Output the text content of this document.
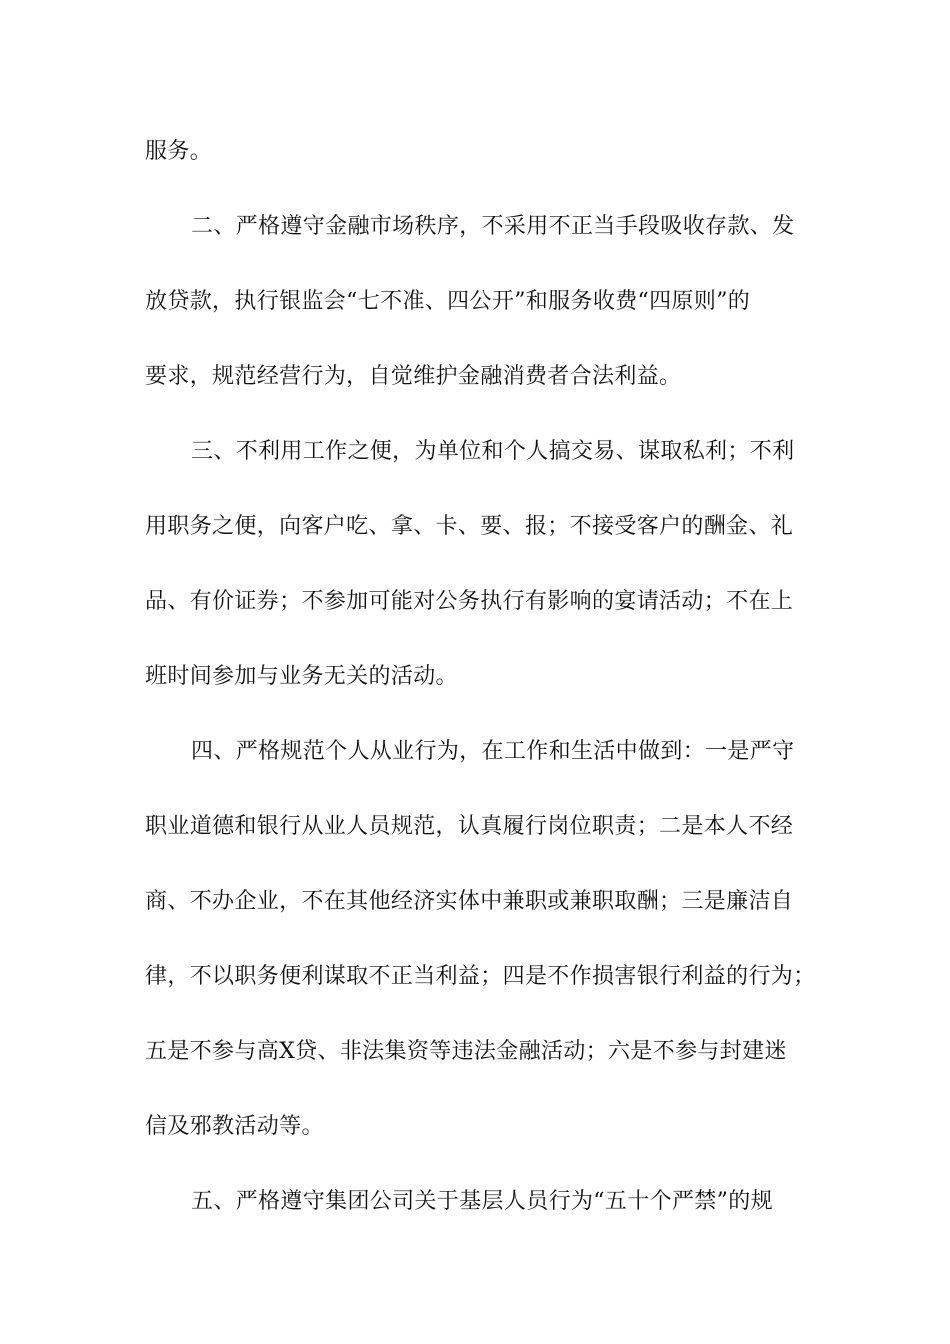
服务。
二、严格遵守金融市场秩序，不采用不正当手段吸收存款、发
放贷款，执行银监会“七不准、四公开”和服务收费“四原则”的
要求，规范经营行为，自觉维护金融消费者合法利益。
三、不利用工作之便，为单位和个人搞交易、谋取私利；不利
用职务之便，向客户吃、拿、卡、要、报；不接受客户的酬金、礼
品、有价证券；不参加可能对公务执行有影响的宴请活动；不在上
班时间参加与业务无关的活动。
四、严格规范个人从业行为，在工作和生活中做到：一是严守
职业道德和银行从业人员规范，认真履行岗位职责；二是本人不经
商、不办企业，不在其他经济实体中兼职或兼职取酬；三是廉洁自
律，不以职务便利谋取不正当利益；四是不作损害银行利益的行为；
五是不参与高X贷、非法集资等违法金融活动；六是不参与封建迷
信及邪教活动等。
五、严格遵守集团公司关于基层人员行为“五十个严禁”的规
